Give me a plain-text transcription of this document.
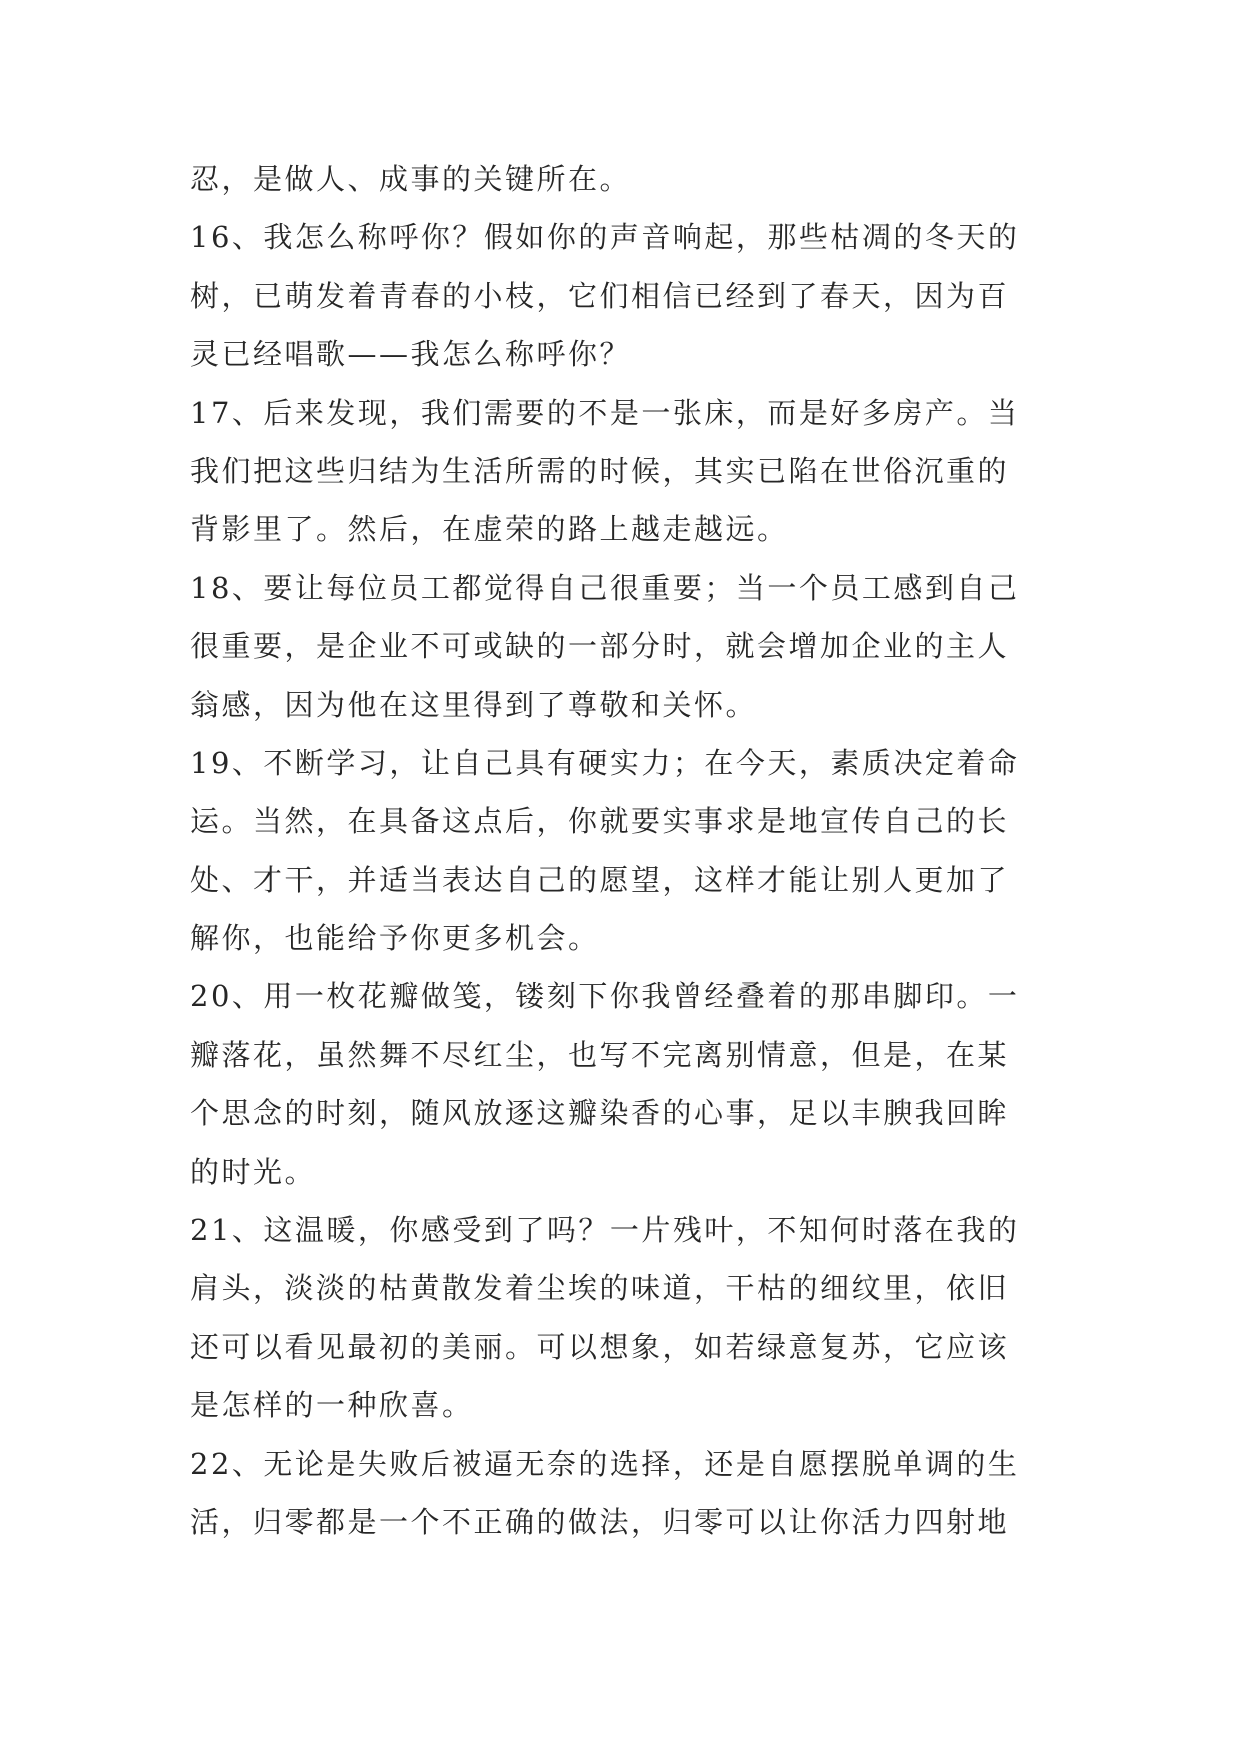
忍，是做人、成事的关键所在。
16、我怎么称呼你？假如你的声音响起，那些枯凋的冬天的
树，已萌发着青春的小枝，它们相信已经到了春天，因为百
灵已经唱歌——我怎么称呼你？
17、后来发现，我们需要的不是一张床，而是好多房产。当
我们把这些归结为生活所需的时候，其实已陷在世俗沉重的
背影里了。然后，在虚荣的路上越走越远。
18、要让每位员工都觉得自己很重要；当一个员工感到自己
很重要，是企业不可或缺的一部分时，就会增加企业的主人
翁感，因为他在这里得到了尊敬和关怀。
19、不断学习，让自己具有硬实力；在今天，素质决定着命
运。当然，在具备这点后，你就要实事求是地宣传自己的长
处、才干，并适当表达自己的愿望，这样才能让别人更加了
解你，也能给予你更多机会。
20、用一枚花瓣做笺，镂刻下你我曾经叠着的那串脚印。一
瓣落花，虽然舞不尽红尘，也写不完离别情意，但是，在某
个思念的时刻，随风放逐这瓣染香的心事，足以丰腴我回眸
的时光。
21、这温暖，你感受到了吗？一片残叶，不知何时落在我的
肩头，淡淡的枯黄散发着尘埃的味道，干枯的细纹里，依旧
还可以看见最初的美丽。可以想象，如若绿意复苏，它应该
是怎样的一种欣喜。
22、无论是失败后被逼无奈的选择，还是自愿摆脱单调的生
活，归零都是一个不正确的做法，归零可以让你活力四射地
